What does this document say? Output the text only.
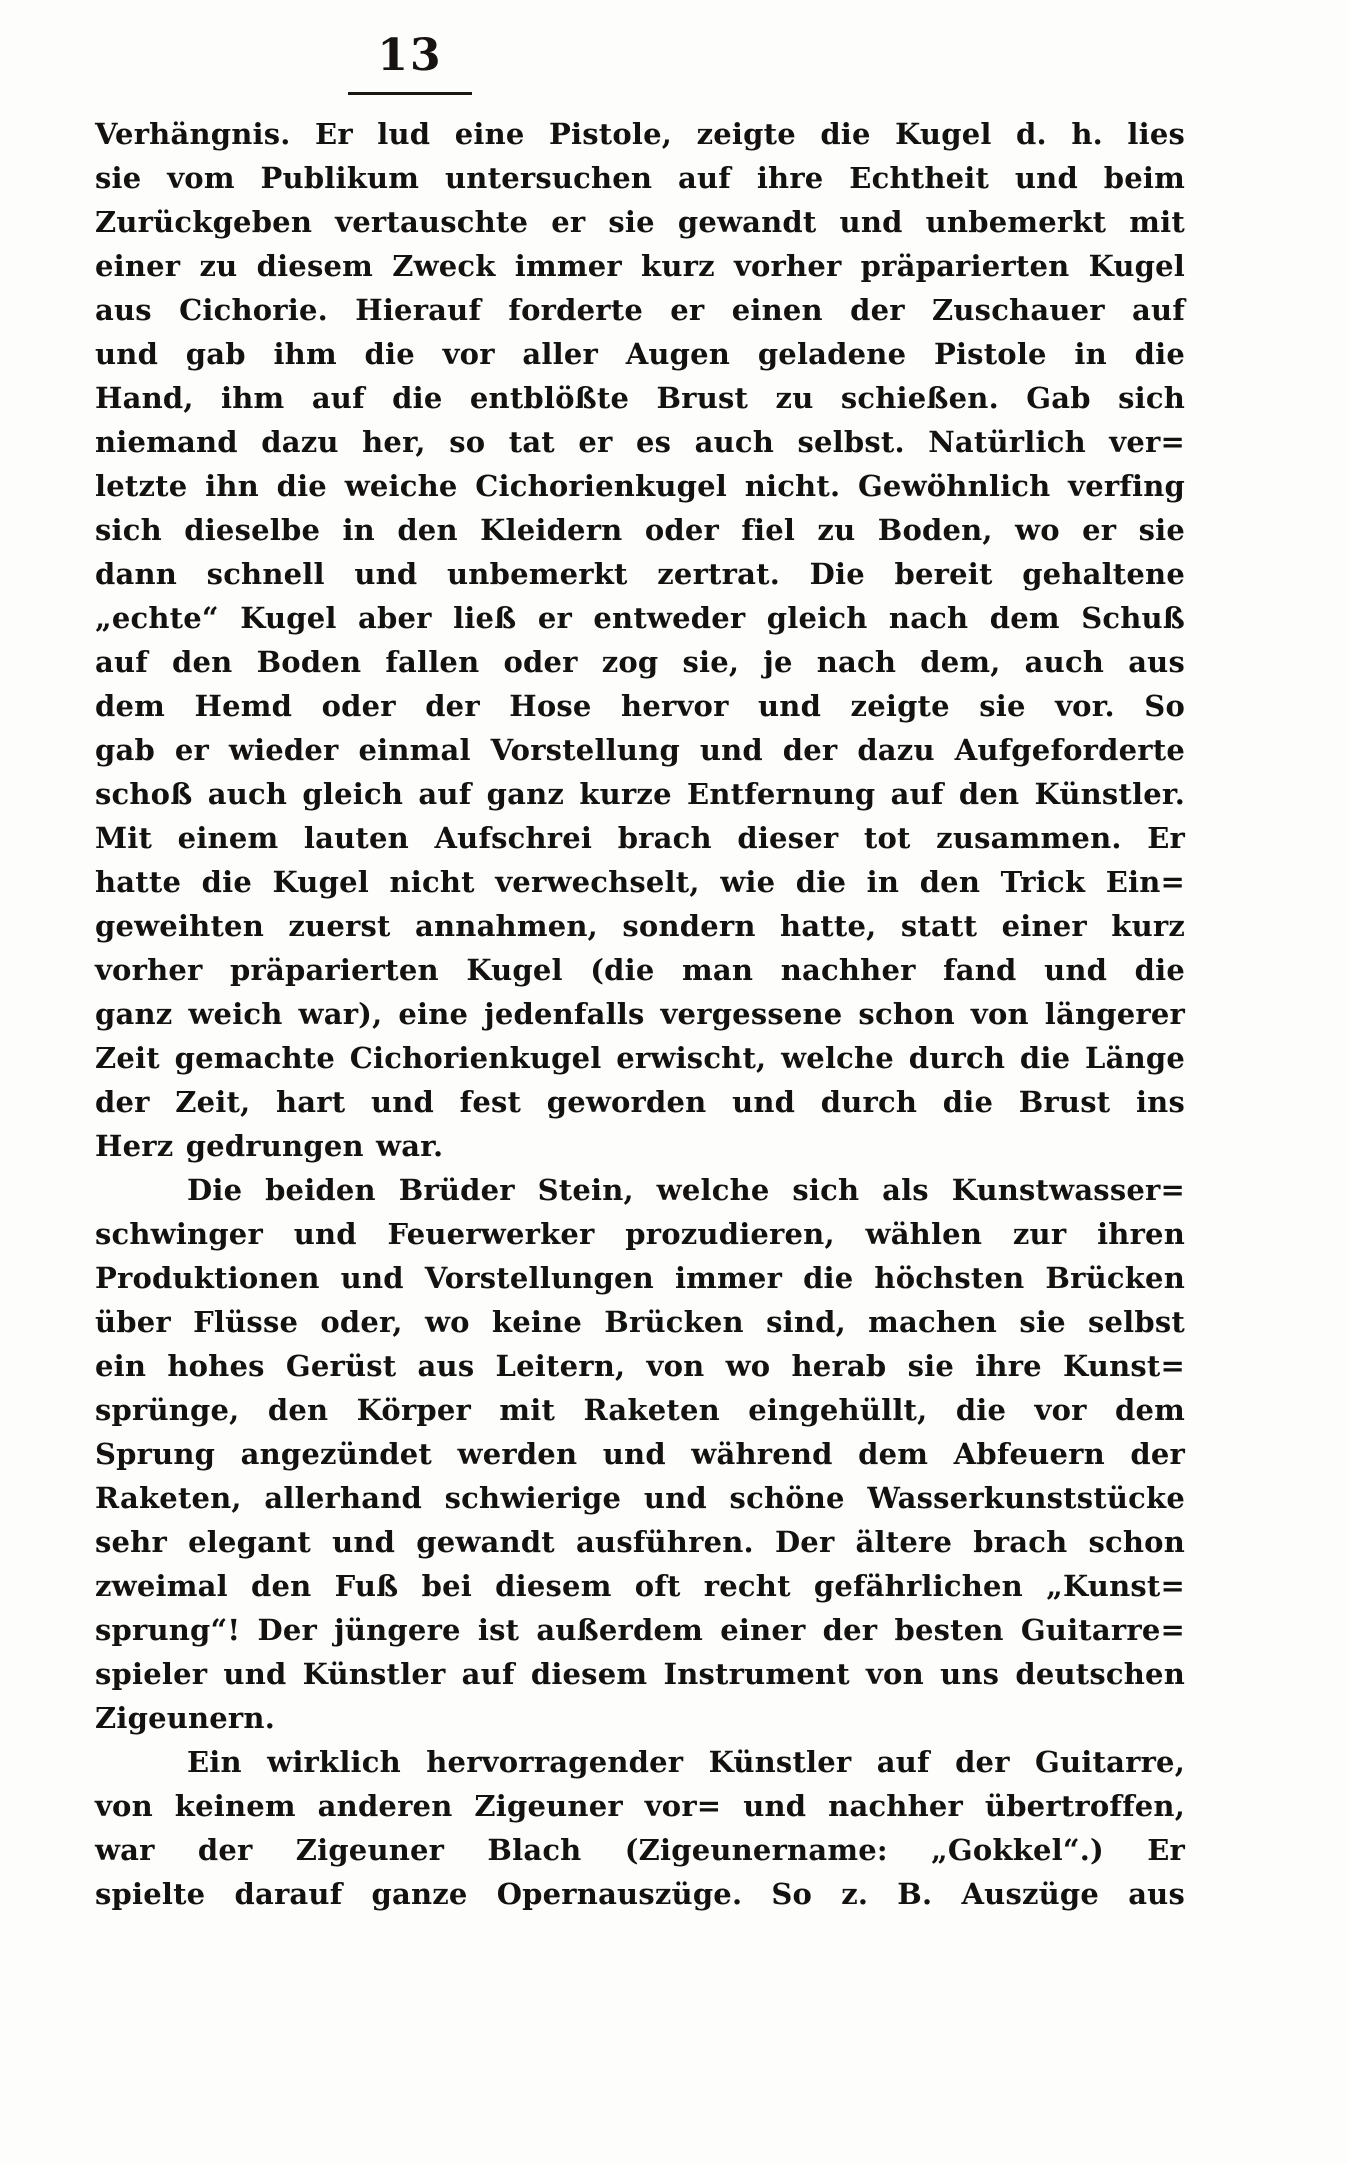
13
Verhängnis. Er lud eine Pistole, zeigte die Kugel d. h. lies
sie vom Publikum untersuchen auf ihre Echtheit und beim
Zurückgeben vertauschte er sie gewandt und unbemerkt mit
einer zu diesem Zweck immer kurz vorher präparierten Kugel
aus Cichorie. Hierauf forderte er einen der Zuschauer auf
und gab ihm die vor aller Augen geladene Pistole in die
Hand, ihm auf die entblößte Brust zu schießen. Gab sich
niemand dazu her, so tat er es auch selbst. Natürlich ver=
letzte ihn die weiche Cichorienkugel nicht. Gewöhnlich verfing
sich dieselbe in den Kleidern oder fiel zu Boden, wo er sie
dann schnell und unbemerkt zertrat. Die bereit gehaltene
„echte“ Kugel aber ließ er entweder gleich nach dem Schuß
auf den Boden fallen oder zog sie, je nach dem, auch aus
dem Hemd oder der Hose hervor und zeigte sie vor. So
gab er wieder einmal Vorstellung und der dazu Aufgeforderte
schoß auch gleich auf ganz kurze Entfernung auf den Künstler.
Mit einem lauten Aufschrei brach dieser tot zusammen. Er
hatte die Kugel nicht verwechselt, wie die in den Trick Ein=
geweihten zuerst annahmen, sondern hatte, statt einer kurz
vorher präparierten Kugel (die man nachher fand und die
ganz weich war), eine jedenfalls vergessene schon von längerer
Zeit gemachte Cichorienkugel erwischt, welche durch die Länge
der Zeit, hart und fest geworden und durch die Brust ins
Herz gedrungen war.
Die beiden Brüder Stein, welche sich als Kunstwasser=
schwinger und Feuerwerker prozudieren, wählen zur ihren
Produktionen und Vorstellungen immer die höchsten Brücken
über Flüsse oder, wo keine Brücken sind, machen sie selbst
ein hohes Gerüst aus Leitern, von wo herab sie ihre Kunst=
sprünge, den Körper mit Raketen eingehüllt, die vor dem
Sprung angezündet werden und während dem Abfeuern der
Raketen, allerhand schwierige und schöne Wasserkunststücke
sehr elegant und gewandt ausführen. Der ältere brach schon
zweimal den Fuß bei diesem oft recht gefährlichen „Kunst=
sprung“! Der jüngere ist außerdem einer der besten Guitarre=
spieler und Künstler auf diesem Instrument von uns deutschen
Zigeunern.
Ein wirklich hervorragender Künstler auf der Guitarre,
von keinem anderen Zigeuner vor= und nachher übertroffen,
war der Zigeuner Blach (Zigeunername: „Gokkel“.) Er
spielte darauf ganze Opernauszüge. So z. B. Auszüge aus
